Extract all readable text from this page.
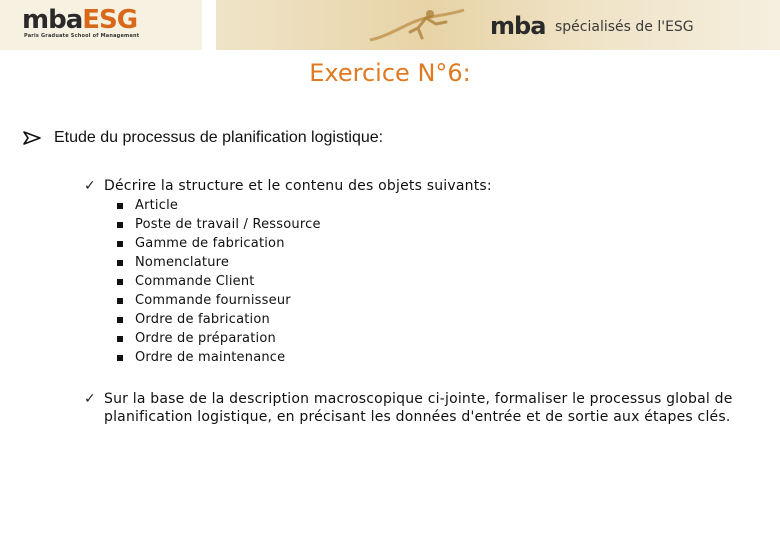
mbaESG
Paris Graduate School of Management	mba spécialisés de l'ESG
Exercice N°6:
Etude du processus de planification logistique:
✓ Décrire la structure et le contenu des objets suivants:
Article
Poste de travail / Ressource
Gamme de fabrication
Nomenclature
Commande Client
Commande fournisseur
Ordre de fabrication
Ordre de préparation
Ordre de maintenance
✓ Sur la base de la description macroscopique ci-jointe, formaliser le processus global de planification logistique, en précisant les données d'entrée et de sortie aux étapes clés.
